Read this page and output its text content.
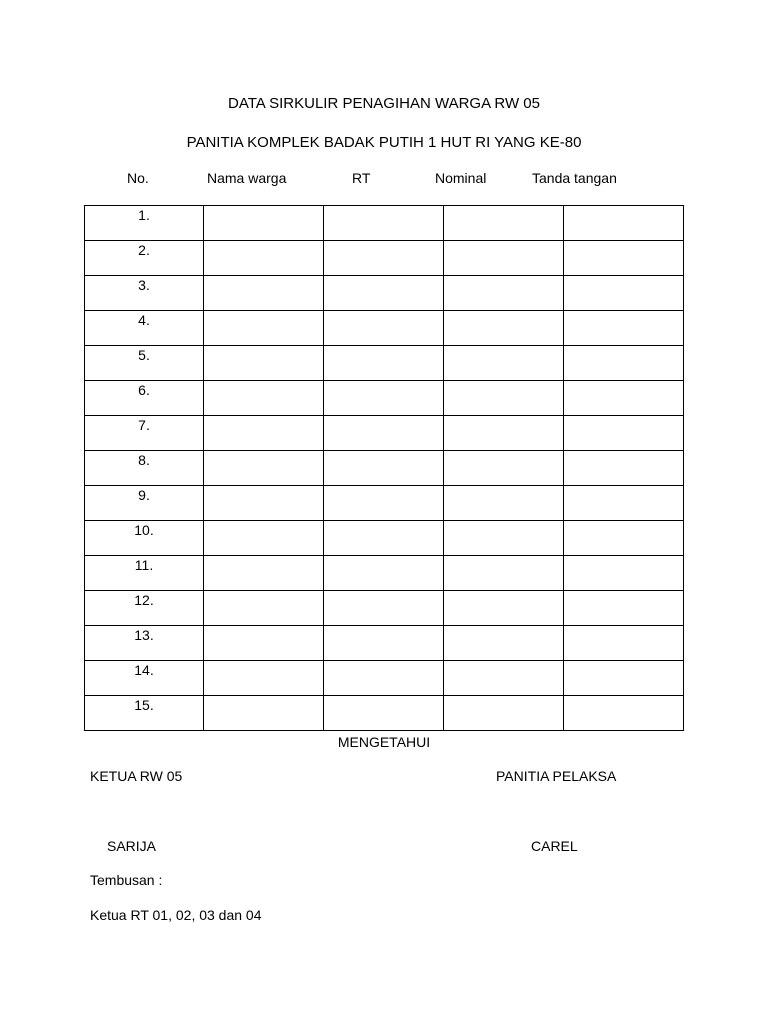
DATA SIRKULIR PENAGIHAN WARGA RW 05
PANITIA KOMPLEK BADAK PUTIH 1 HUT RI YANG KE-80
No.	Nama warga	RT	Nominal	Tanda tangan
1.				
2.				
3.				
4.				
5.				
6.				
7.				
8.				
9.				
10.				
11.				
12.				
13.				
14.				
15.				
MENGETAHUI
KETUA RW 05	PANITIA PELAKSA
SARIJA	CAREL
Tembusan :
Ketua RT 01, 02, 03 dan 04
